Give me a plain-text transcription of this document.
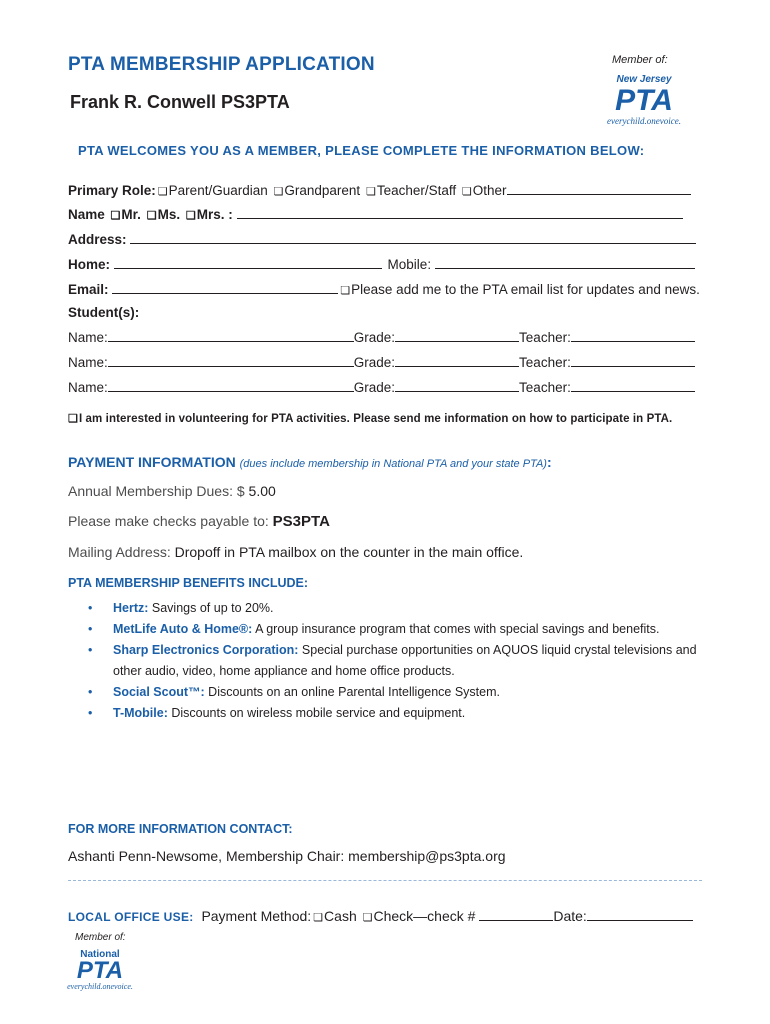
PTA MEMBERSHIP APPLICATION
Frank R. Conwell PS3PTA
Member of:
New Jersey
PTA
everychild.onevoice.
PTA WELCOMES YOU AS A MEMBER, PLEASE COMPLETE THE INFORMATION BELOW:
Primary Role: ❏Parent/Guardian ❏Grandparent ❏Teacher/Staff ❏Other
Name ❏Mr. ❏Ms. ❏Mrs. :
Address:
Home:	Mobile:
Email:	❏Please add me to the PTA email list for updates and news.
Student(s):
Name:	Grade:	Teacher:
Name:	Grade:	Teacher:
Name:	Grade:	Teacher:
❏I am interested in volunteering for PTA activities. Please send me information on how to participate in PTA.
PAYMENT INFORMATION (dues include membership in National PTA and your state PTA):
Annual Membership Dues: $ 5.00
Please make checks payable to: PS3PTA
Mailing Address: Dropoff in PTA mailbox on the counter in the main office.
PTA MEMBERSHIP BENEFITS INCLUDE:
• Hertz: Savings of up to 20%.
• MetLife Auto & Home®: A group insurance program that comes with special savings and benefits.
• Sharp Electronics Corporation: Special purchase opportunities on AQUOS liquid crystal televisions and other audio, video, home appliance and home office products.
• Social Scout™: Discounts on an online Parental Intelligence System.
• T-Mobile: Discounts on wireless mobile service and equipment.
FOR MORE INFORMATION CONTACT:
Ashanti Penn-Newsome, Membership Chair: membership@ps3pta.org
LOCAL OFFICE USE: Payment Method: ❏Cash ❏Check—check #	Date:
Member of:
National
PTA
everychild.onevoice.
